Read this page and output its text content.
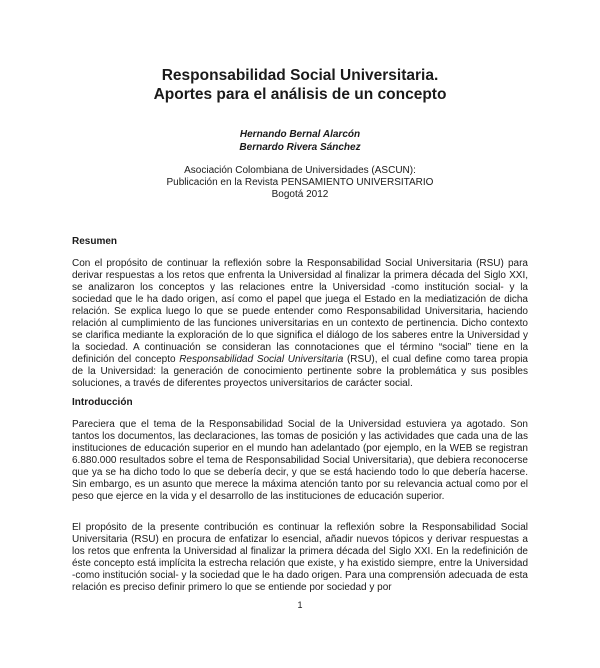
Responsabilidad Social Universitaria.
Aportes para el análisis de un concepto
Hernando Bernal Alarcón
Bernardo Rivera Sánchez
Asociación Colombiana de Universidades (ASCUN):
Publicación en la Revista PENSAMIENTO UNIVERSITARIO
Bogotá 2012
Resumen

Con el propósito de continuar la reflexión sobre la Responsabilidad Social Universitaria (RSU) para derivar respuestas a los retos que enfrenta la Universidad al finalizar la primera década del Siglo XXI, se analizaron los conceptos y las relaciones entre la Universidad -como institución social- y la sociedad que le ha dado origen, así como el papel que juega el Estado en la mediatización de dicha relación. Se explica luego lo que se puede entender como Responsabilidad Universitaria, haciendo relación al cumplimiento de las funciones universitarias en un contexto de pertinencia. Dicho contexto se clarifica mediante la exploración de lo que significa el diálogo de los saberes entre la Universidad y la sociedad. A continuación se consideran las connotaciones que el término “social” tiene en la definición del concepto Responsabilidad Social Universitaria (RSU), el cual define como tarea propia de la Universidad: la generación de conocimiento pertinente sobre la problemática y sus posibles soluciones, a través de diferentes proyectos universitarios de carácter social.

Introducción

Pareciera que el tema de la Responsabilidad Social de la Universidad estuviera ya agotado. Son tantos los documentos, las declaraciones, las tomas de posición y las actividades que cada una de las instituciones de educación superior en el mundo han adelantado (por ejemplo, en la WEB se registran 6.880.000 resultados sobre el tema de Responsabilidad Social Universitaria), que debiera reconocerse que ya se ha dicho todo lo que se debería decir, y que se está haciendo todo lo que debería hacerse. Sin embargo, es un asunto que merece la máxima atención tanto por su relevancia actual como por el peso que ejerce en la vida y el desarrollo de las instituciones de educación superior.

El propósito de la presente contribución es continuar la reflexión sobre la Responsabilidad Social Universitaria (RSU) en procura de enfatizar lo esencial, añadir nuevos tópicos y derivar respuestas a los retos que enfrenta la Universidad al finalizar la primera década del Siglo XXI. En la redefinición de éste concepto está implícita la estrecha relación que existe, y ha existido siempre, entre la Universidad -como institución social- y la sociedad que le ha dado origen. Para una comprensión adecuada de esta relación es preciso definir primero lo que se entiende por sociedad y por

1
